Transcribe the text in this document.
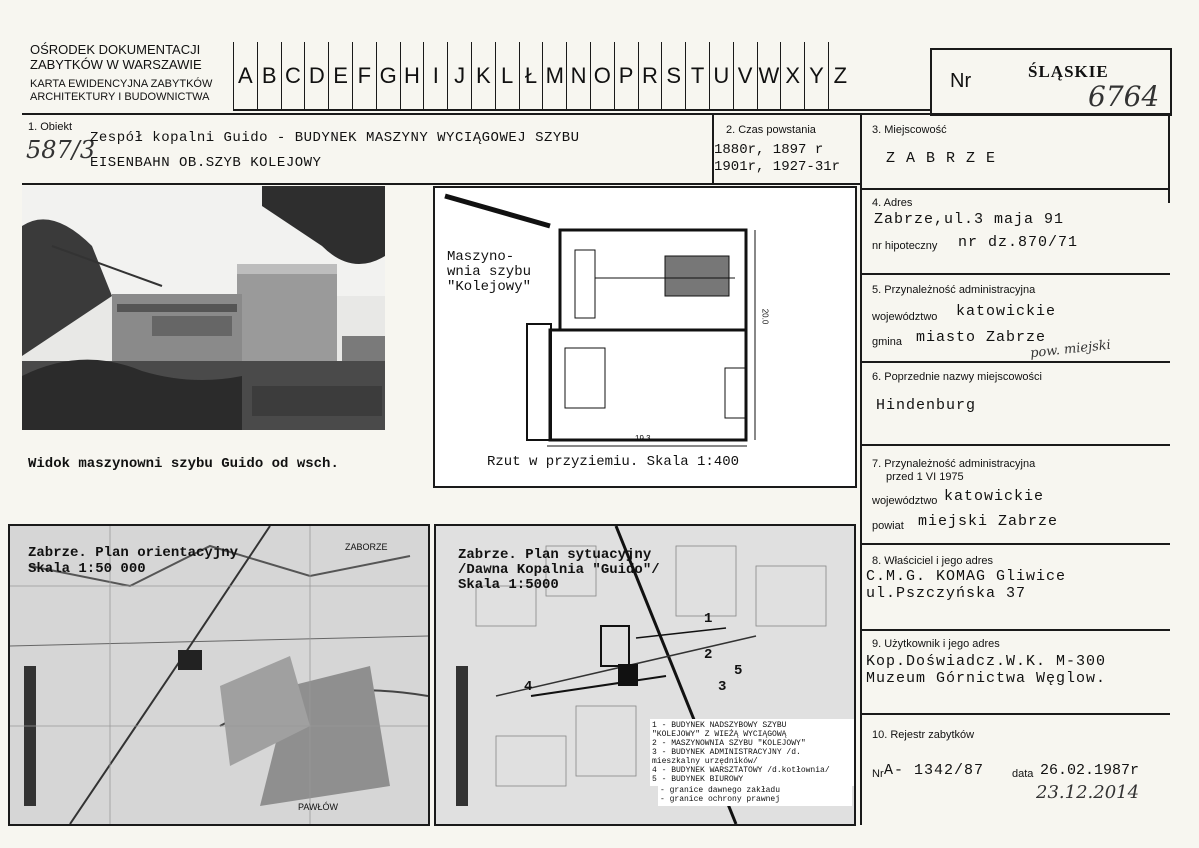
OŚRODEK DOKUMENTACJI
ZABYTKÓW W WARSZAWIE
KARTA EWIDENCYJNA ZABYTKÓW
ARCHITEKTURY I BUDOWNICTWA
A B C D E F G H I J K L Ł M N O P R S T U V W X Y Z	Nr	ŚLĄSKIE
6764
1. Obiekt
587/3
Zespół kopalni Guido - BUDYNEK MASZYNY WYCIĄGOWEJ SZYBU
EISENBAHN OB.SZYB KOLEJOWY
2. Czas powstania
1880r, 1897 r
1901r, 1927-31r
3. Miejscowość
Z A B R Z E
4. Adres
Zabrze,ul.3 maja 91
nr hipoteczny nr dz.870/71
5. Przynależność administracyjna
województwo katowickie
gmina miasto Zabrze
pow. miejski
6. Poprzednie nazwy miejscowości
Hindenburg
7. Przynależność administracyjna
przed 1 VI 1975
województwo katowickie
powiat miejski Zabrze
8. Właściciel i jego adres
C.M.G. KOMAG Gliwice
ul.Pszczyńska 37
9. Użytkownik i jego adres
Kop.Doświadcz.W.K. M-300
Muzeum Górnictwa Węglow.
10. Rejestr zabytków
Nr A- 1342/87	data 26.02.1987r
23.12.2014
Widok maszynowni szybu Guido od wsch.
Maszyno-
wnia szybu
"Kolejowy"
19.3
20.0
Rzut w przyziemiu. Skala 1:400
Zabrze. Plan orientacyjny
Skala 1:50 000
ZABORZE
PAWŁÓW
Zabrze. Plan sytuacyjny
/Dawna Kopalnia "Guido"/
Skala 1:5000
1
2
3
4
5
1 - BUDYNEK NADSZYBOWY SZYBU
"KOLEJOWY" Z WIEŻĄ WYCIĄGOWĄ
2 - MASZYNOWNIA SZYBU "KOLEJOWY"
3 - BUDYNEK ADMINISTRACYJNY /d.
mieszkalny urzędników/
4 - BUDYNEK WARSZTATOWY /d.kotłownia/
5 - BUDYNEK BIUROWY
- granice dawnego zakładu
- granice ochrony prawnej
